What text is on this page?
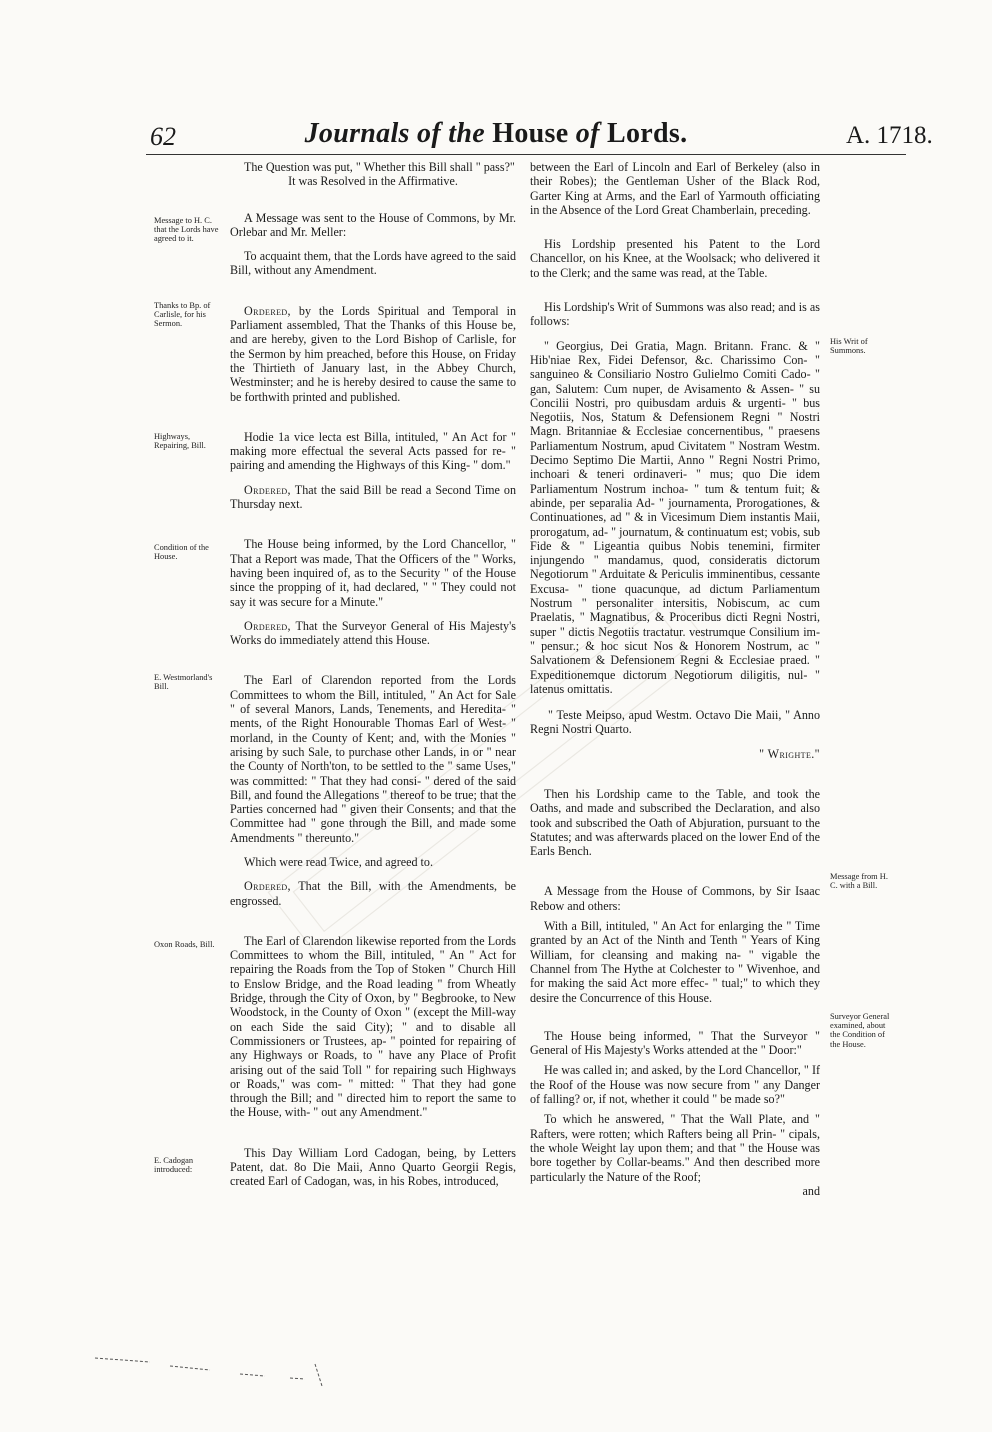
62	Journals of the House of Lords.	A. 1718.
Message to H. C. that the Lords have agreed to it.
Thanks to Bp. of Carlisle, for his Sermon.
Highways, Repairing, Bill.
Condition of the House.
E. Westmorland's Bill.
Oxon Roads, Bill.
E. Cadogan introduced:
His Writ of Summons.
Message from H. C. with a Bill.
Surveyor General examined, about the Condition of the House.

The Question was put, " Whether this Bill shall " pass?"

It was Resolved in the Affirmative.

A Message was sent to the House of Commons, by Mr. Orlebar and Mr. Meller:

To acquaint them, that the Lords have agreed to the said Bill, without any Amendment.

Ordered, by the Lords Spiritual and Temporal in Parliament assembled, That the Thanks of this House be, and are hereby, given to the Lord Bishop of Carlisle, for the Sermon by him preached, before this House, on Friday the Thirtieth of January last, in the Abbey Church, Westminster; and he is hereby desired to cause the same to be forthwith printed and published.

Hodie 1a vice lecta est Billa, intituled, " An Act for " making more effectual the several Acts passed for re- " pairing and amending the Highways of this King- " dom."

Ordered, That the said Bill be read a Second Time on Thursday next.

The House being informed, by the Lord Chancellor, " That a Report was made, That the Officers of the " Works, having been inquired of, as to the Security " of the House since the propping of it, had declared, " " They could not say it was secure for a Minute."

Ordered, That the Surveyor General of His Majesty's Works do immediately attend this House.

The Earl of Clarendon reported from the Lords Committees to whom the Bill, intituled, " An Act for Sale " of several Manors, Lands, Tenements, and Heredita- " ments, of the Right Honourable Thomas Earl of West- " morland, in the County of Kent; and, with the Monies " arising by such Sale, to purchase other Lands, in or " near the County of North'ton, to be settled to the " same Uses," was committed: " That they had consi- " dered of the said Bill, and found the Allegations " thereof to be true; that the Parties concerned had " given their Consents; and that the Committee had " gone through the Bill, and made some Amendments " thereunto."

Which were read Twice, and agreed to.

Ordered, That the Bill, with the Amendments, be engrossed.

The Earl of Clarendon likewise reported from the Lords Committees to whom the Bill, intituled, " An " Act for repairing the Roads from the Top of Stoken " Church Hill to Enslow Bridge, and the Road leading " from Wheatly Bridge, through the City of Oxon, by " Begbrooke, to New Woodstock, in the County of Oxon " (except the Mill-way on each Side the said City); " and to disable all Commissioners or Trustees, ap- " pointed for repairing of any Highways or Roads, to " have any Place of Profit arising out of the said Toll " for repairing such Highways or Roads," was com- " mitted: " That they had gone through the Bill; and " directed him to report the same to the House, with- " out any Amendment."

This Day William Lord Cadogan, being, by Letters Patent, dat. 8o Die Maii, Anno Quarto Georgii Regis, created Earl of Cadogan, was, in his Robes, introduced,

between the Earl of Lincoln and Earl of Berkeley (also in their Robes); the Gentleman Usher of the Black Rod, Garter King at Arms, and the Earl of Yarmouth officiating in the Absence of the Lord Great Chamberlain, preceding.

His Lordship presented his Patent to the Lord Chancellor, on his Knee, at the Woolsack; who delivered it to the Clerk; and the same was read, at the Table.

His Lordship's Writ of Summons was also read; and is as follows:

" Georgius, Dei Gratia, Magn. Britann. Franc. & " Hib'niae Rex, Fidei Defensor, &c. Charissimo Con- " sanguineo & Consiliario Nostro Gulielmo Comiti Cado- " gan, Salutem: Cum nuper, de Avisamento & Assen- " su Concilii Nostri, pro quibusdam arduis & urgenti- " bus Negotiis, Nos, Statum & Defensionem Regni " Nostri Magn. Britanniae & Ecclesiae concernentibus, " praesens Parliamentum Nostrum, apud Civitatem " Nostram Westm. Decimo Septimo Die Martii, Anno " Regni Nostri Primo, inchoari & teneri ordinaveri- " mus; quo Die idem Parliamentum Nostrum inchoa- " tum & tentum fuit; & abinde, per separalia Ad- " journamenta, Prorogationes, & Continuationes, ad " & in Vicesimum Diem instantis Maii, prorogatum, ad- " journatum, & continuatum est; vobis, sub Fide & " Ligeantia quibus Nobis tenemini, firmiter injungendo " mandamus, quod, consideratis dictorum Negotiorum " Arduitate & Periculis imminentibus, cessante Excusa- " tione quacunque, ad dictum Parliamentum Nostrum " personaliter intersitis, Nobiscum, ac cum Praelatis, " Magnatibus, & Proceribus dicti Regni Nostri, super " dictis Negotiis tractatur. vestrumque Consilium im- " pensur.; & hoc sicut Nos & Honorem Nostrum, ac " Salvationem & Defensionem Regni & Ecclesiae praed. " Expeditionemque dictorum Negotiorum diligitis, nul- " latenus omittatis.

" Teste Meipso, apud Westm. Octavo Die Maii, " Anno Regni Nostri Quarto.

" Wrighte."

Then his Lordship came to the Table, and took the Oaths, and made and subscribed the Declaration, and also took and subscribed the Oath of Abjuration, pursuant to the Statutes; and was afterwards placed on the lower End of the Earls Bench.

A Message from the House of Commons, by Sir Isaac Rebow and others:

With a Bill, intituled, " An Act for enlarging the " Time granted by an Act of the Ninth and Tenth " Years of King William, for cleansing and making na- " vigable the Channel from The Hythe at Colchester to " Wivenhoe, and for making the said Act more effec- " tual;" to which they desire the Concurrence of this House.

The House being informed, " That the Surveyor " General of His Majesty's Works attended at the " Door:"

He was called in; and asked, by the Lord Chancellor, " If the Roof of the House was now secure from " any Danger of falling? or, if not, whether it could " be made so?"

To which he answered, " That the Wall Plate, and " Rafters, were rotten; which Rafters being all Prin- " cipals, the whole Weight lay upon them; and that " the House was bore together by Collar-beams." And then described more particularly the Nature of the Roof;

and
